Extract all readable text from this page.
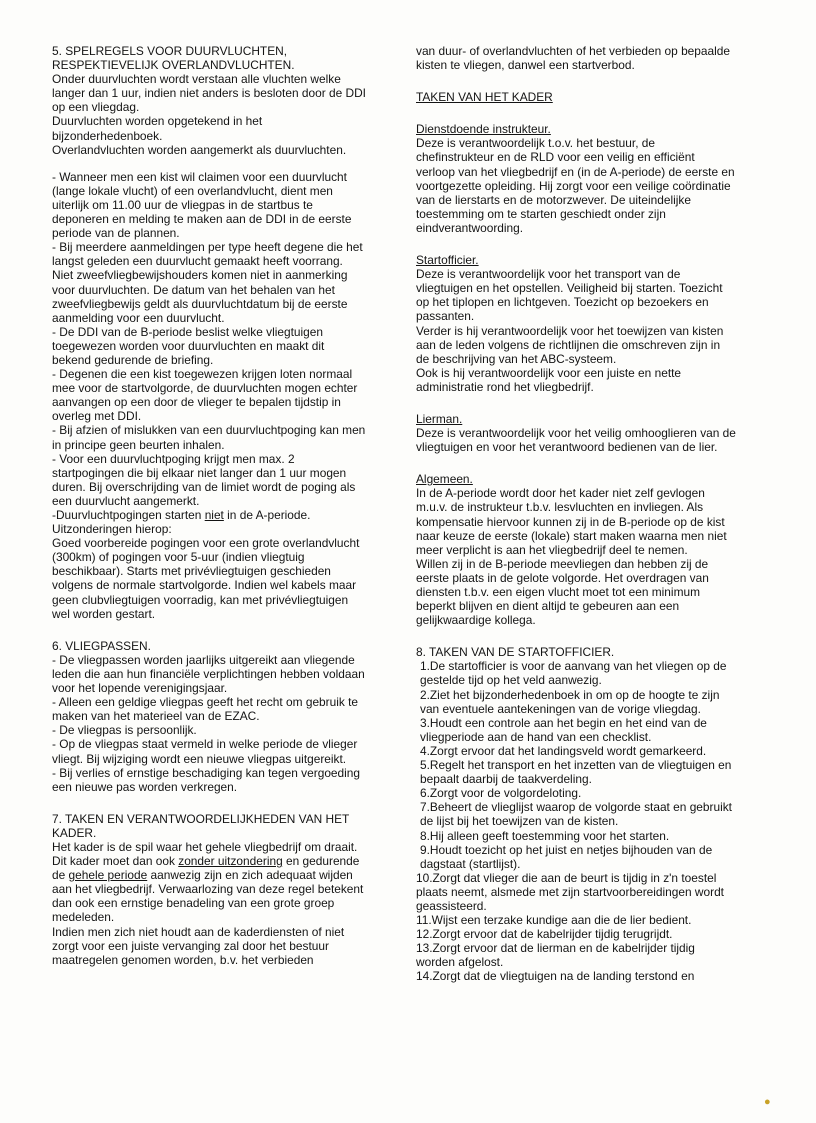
5. SPELREGELS VOOR DUURVLUCHTEN, RESPEKTIEVELIJK OVERLANDVLUCHTEN.

Onder duurvluchten wordt verstaan alle vluchten welke langer dan 1 uur, indien niet anders is besloten door de DDI op een vliegdag.

Duurvluchten worden opgetekend in het bijzonderhedenboek.

Overlandvluchten worden aangemerkt als duurvluchten.

- Wanneer men een kist wil claimen voor een duurvlucht (lange lokale vlucht) of een overlandvlucht, dient men uiterlijk om 11.00 uur de vliegpas in de startbus te deponeren en melding te maken aan de DDI in de eerste periode van de plannen.

- Bij meerdere aanmeldingen per type heeft degene die het langst geleden een duurvlucht gemaakt heeft voorrang. Niet zweefvliegbewijshouders komen niet in aanmerking voor duurvluchten. De datum van het behalen van het

zweefvliegbewijs geldt als duurvluchtdatum bij de eerste aanmelding voor een duurvlucht.

- De DDI van de B-periode beslist welke vliegtuigen toegewezen worden voor duurvluchten en maakt dit bekend gedurende de briefing.

- Degenen die een kist toegewezen krijgen loten normaal mee voor de startvolgorde, de duurvluchten mogen echter aanvangen op een door de vlieger te bepalen tijdstip in overleg met DDI.

- Bij afzien of mislukken van een duurvluchtpoging kan men in principe geen beurten inhalen.

- Voor een duurvluchtpoging krijgt men max. 2 startpogingen die bij elkaar niet langer dan 1 uur mogen duren. Bij overschrijding van de limiet wordt de poging als een duurvlucht aangemerkt.

-Duurvluchtpogingen starten niet in de A-periode.

Uitzonderingen hierop:

Goed voorbereide pogingen voor een grote overlandvlucht (300km) of pogingen voor 5-uur (indien vliegtuig beschikbaar). Starts met privévliegtuigen geschieden volgens de normale startvolgorde. Indien wel kabels maar geen clubvliegtuigen voorradig, kan met privévliegtuigen wel worden gestart.

6. VLIEGPASSEN.

- De vliegpassen worden jaarlijks uitgereikt aan vliegende leden die aan hun financiële verplichtingen hebben voldaan voor het lopende verenigingsjaar.

- Alleen een geldige vliegpas geeft het recht om gebruik te maken van het materieel van de EZAC.

- De vliegpas is persoonlijk.

- Op de vliegpas staat vermeld in welke periode de vlieger vliegt. Bij wijziging wordt een nieuwe vliegpas uitgereikt.

- Bij verlies of ernstige beschadiging kan tegen vergoeding een nieuwe pas worden verkregen.

7. TAKEN EN VERANTWOORDELIJKHEDEN VAN HET KADER.

Het kader is de spil waar het gehele vliegbedrijf om draait.

Dit kader moet dan ook zonder uitzondering en gedurende de gehele periode aanwezig zijn en zich adequaat wijden aan het vliegbedrijf. Verwaarlozing van deze regel betekent dan ook een ernstige benadeling van een grote groep medeleden.

Indien men zich niet houdt aan de kaderdiensten of niet zorgt voor een juiste vervanging zal door het bestuur maatregelen genomen worden, b.v. het verbieden

van duur- of overlandvluchten of het verbieden op bepaalde kisten te vliegen, danwel een startverbod.

TAKEN VAN HET KADER

Dienstdoende instrukteur.

Deze is verantwoordelijk t.o.v. het bestuur, de chefinstrukteur en de RLD voor een veilig en efficiënt verloop van het vliegbedrijf en (in de A-periode) de eerste en voortgezette opleiding. Hij zorgt voor een veilige coördinatie van de lierstarts en de motorzwever. De uiteindelijke toestemming om te starten geschiedt onder zijn eindverantwoording.

Startofficier.

Deze is verantwoordelijk voor het transport van de vliegtuigen en het opstellen. Veiligheid bij starten. Toezicht op het tiplopen en lichtgeven. Toezicht op bezoekers en passanten.

Verder is hij verantwoordelijk voor het toewijzen van kisten aan de leden volgens de richtlijnen die omschreven zijn in de beschrijving van het ABC-systeem.

Ook is hij verantwoordelijk voor een juiste en nette administratie rond het vliegbedrijf.

Lierman.

Deze is verantwoordelijk voor het veilig omhooglieren van de vliegtuigen en voor het verantwoord bedienen van de lier.

Algemeen.

In de A-periode wordt door het kader niet zelf gevlogen m.u.v. de instrukteur t.b.v. lesvluchten en invliegen. Als kompensatie hiervoor kunnen zij in de B-periode op de kist naar keuze de eerste (lokale) start maken waarna men niet meer verplicht is aan het vliegbedrijf deel te nemen.

Willen zij in de B-periode meevliegen dan hebben zij de eerste plaats in de gelote volgorde. Het overdragen van diensten t.b.v. een eigen vlucht moet tot een minimum beperkt blijven en dient altijd te gebeuren aan een gelijkwaardige kollega.

8. TAKEN VAN DE STARTOFFICIER.

1.De startofficier is voor de aanvang van het vliegen op de gestelde tijd op het veld aanwezig.

2.Ziet het bijzonderhedenboek in om op de hoogte te zijn van eventuele aantekeningen van de vorige vliegdag.

3.Houdt een controle aan het begin en het eind van de vliegperiode aan de hand van een checklist.

4.Zorgt ervoor dat het landingsveld wordt gemarkeerd.

5.Regelt het transport en het inzetten van de vliegtuigen en bepaalt daarbij de taakverdeling.

6.Zorgt voor de volgordeloting.

7.Beheert de vlieglijst waarop de volgorde staat en gebruikt de lijst bij het toewijzen van de kisten.

8.Hij alleen geeft toestemming voor het starten.

9.Houdt toezicht op het juist en netjes bijhouden van de dagstaat (startlijst).

10.Zorgt dat vlieger die aan de beurt is tijdig in z'n toestel plaats neemt, alsmede met zijn startvoorbereidingen wordt geassisteerd.

11.Wijst een terzake kundige aan die de lier bedient.

12.Zorgt ervoor dat de kabelrijder tijdig terugrijdt.

13.Zorgt ervoor dat de lierman en de kabelrijder tijdig worden afgelost.

14.Zorgt dat de vliegtuigen na de landing terstond en

●
